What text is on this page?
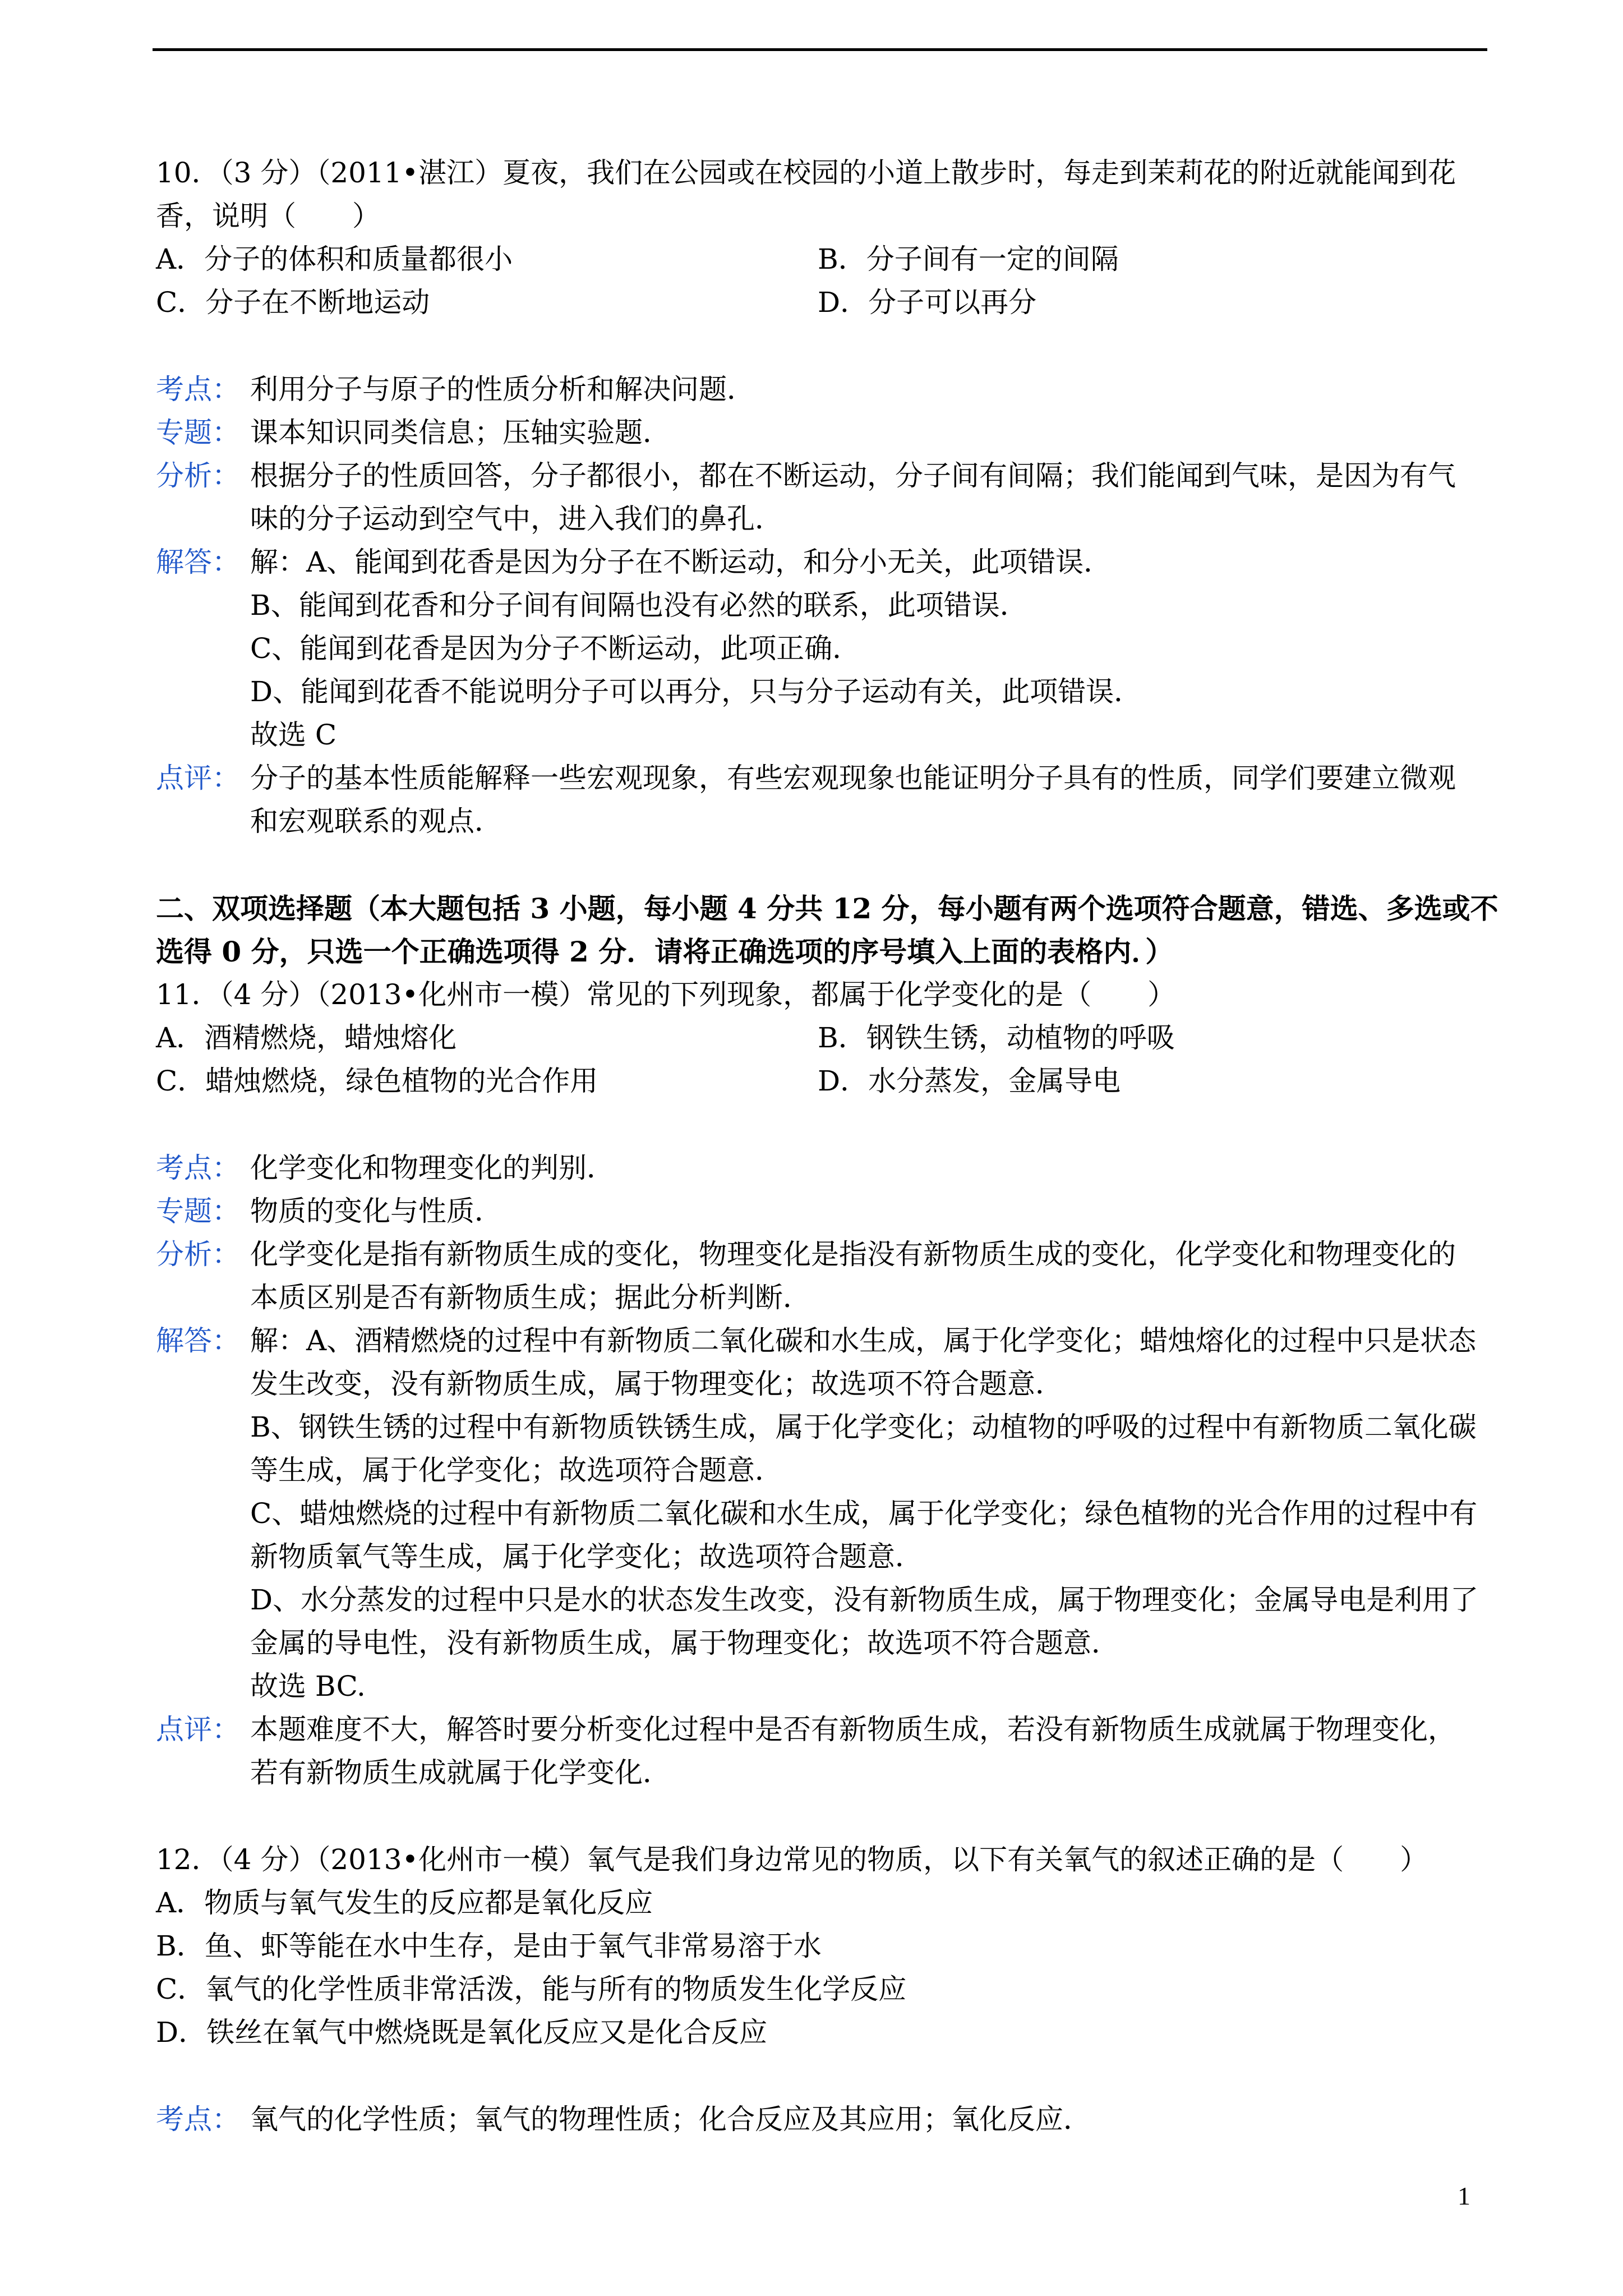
10．（3 分）（2011•湛江）夏夜，我们在公园或在校园的小道上散步时，每走到茉莉花的附近就能闻到花
香，说明（　　）
A．分子的体积和质量都很小	B．分子间有一定的间隔
C．分子在不断地运动	D．分子可以再分
考点： 利用分子与原子的性质分析和解决问题．
专题： 课本知识同类信息；压轴实验题．
分析： 根据分子的性质回答，分子都很小，都在不断运动，分子间有间隔；我们能闻到气味，是因为有气
味的分子运动到空气中，进入我们的鼻孔．
解答： 解：A、能闻到花香是因为分子在不断运动，和分小无关，此项错误．
B、能闻到花香和分子间有间隔也没有必然的联系，此项错误．
C、能闻到花香是因为分子不断运动，此项正确．
D、能闻到花香不能说明分子可以再分，只与分子运动有关，此项错误．
故选 C
点评： 分子的基本性质能解释一些宏观现象，有些宏观现象也能证明分子具有的性质，同学们要建立微观
和宏观联系的观点．
二、双项选择题（本大题包括 3 小题，每小题 4 分共 12 分，每小题有两个选项符合题意，错选、多选或不
选得 0 分，只选一个正确选项得 2 分．请将正确选项的序号填入上面的表格内．）
11．（4 分）（2013•化州市一模）常见的下列现象，都属于化学变化的是（　　）
A．酒精燃烧，蜡烛熔化	B．钢铁生锈，动植物的呼吸
C．蜡烛燃烧，绿色植物的光合作用	D．水分蒸发，金属导电
考点： 化学变化和物理变化的判别．
专题： 物质的变化与性质．
分析： 化学变化是指有新物质生成的变化，物理变化是指没有新物质生成的变化，化学变化和物理变化的
本质区别是否有新物质生成；据此分析判断．
解答： 解：A、酒精燃烧的过程中有新物质二氧化碳和水生成，属于化学变化；蜡烛熔化的过程中只是状态
发生改变，没有新物质生成，属于物理变化；故选项不符合题意．
B、钢铁生锈的过程中有新物质铁锈生成，属于化学变化；动植物的呼吸的过程中有新物质二氧化碳
等生成，属于化学变化；故选项符合题意．
C、蜡烛燃烧的过程中有新物质二氧化碳和水生成，属于化学变化；绿色植物的光合作用的过程中有
新物质氧气等生成，属于化学变化；故选项符合题意．
D、水分蒸发的过程中只是水的状态发生改变，没有新物质生成，属于物理变化；金属导电是利用了
金属的导电性，没有新物质生成，属于物理变化；故选项不符合题意．
故选 BC.
点评： 本题难度不大，解答时要分析变化过程中是否有新物质生成，若没有新物质生成就属于物理变化，
若有新物质生成就属于化学变化．
12．（4 分）（2013•化州市一模）氧气是我们身边常见的物质，以下有关氧气的叙述正确的是（　　）
A．物质与氧气发生的反应都是氧化反应
B．鱼、虾等能在水中生存，是由于氧气非常易溶于水
C．氧气的化学性质非常活泼，能与所有的物质发生化学反应
D．铁丝在氧气中燃烧既是氧化反应又是化合反应
考点： 氧气的化学性质；氧气的物理性质；化合反应及其应用；氧化反应．
1
